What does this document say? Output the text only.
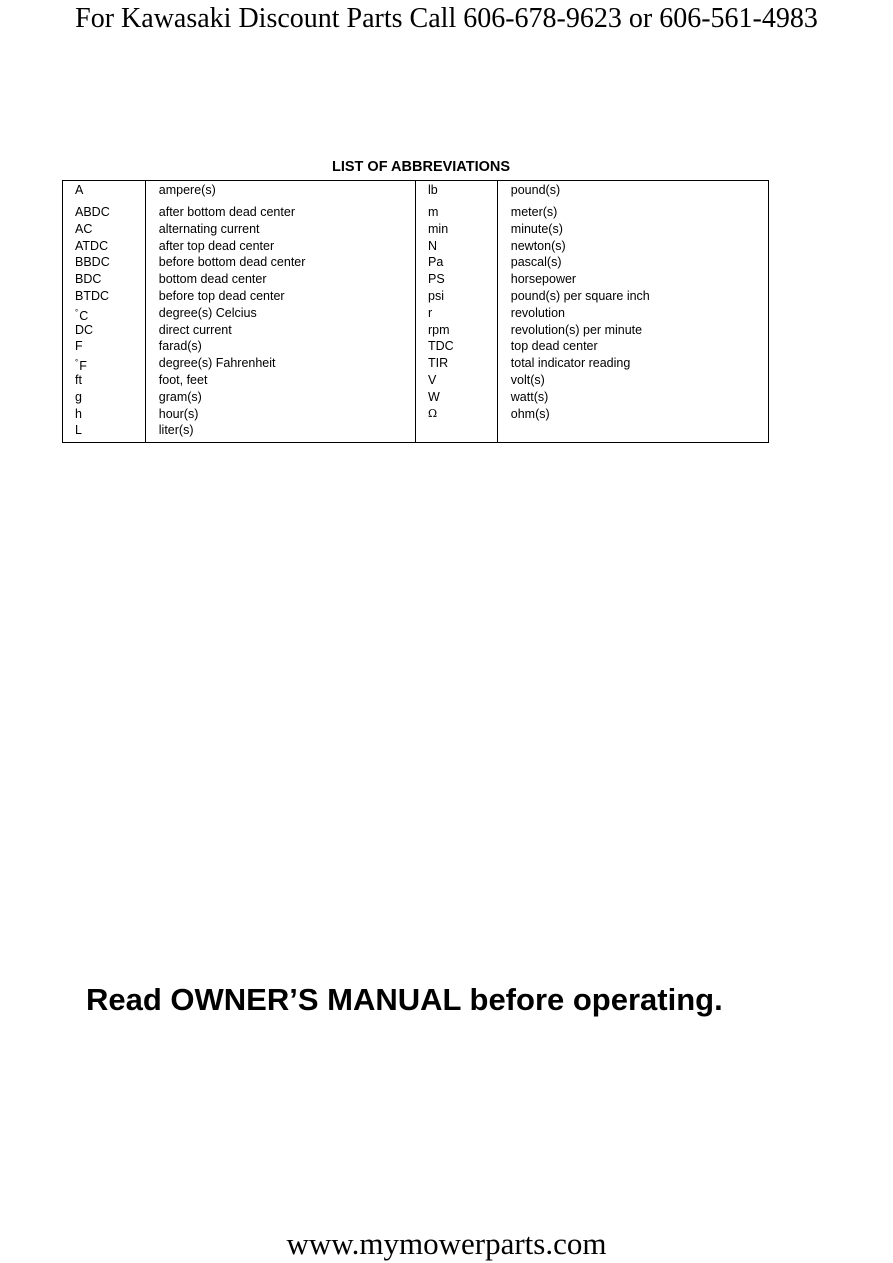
For Kawasaki Discount Parts Call 606-678-9623 or 606-561-4983
LIST OF ABBREVIATIONS
A
ABDC
AC
ATDC
BBDC
BDC
BTDC
°C
DC
F
°F
ft
g
h
L
ampere(s)
after bottom dead center
alternating current
after top dead center
before bottom dead center
bottom dead center
before top dead center
degree(s) Celcius
direct current
farad(s)
degree(s) Fahrenheit
foot, feet
gram(s)
hour(s)
liter(s)
lb
m
min
N
Pa
PS
psi
r
rpm
TDC
TIR
V
W
Ω
pound(s)
meter(s)
minute(s)
newton(s)
pascal(s)
horsepower
pound(s) per square inch
revolution
revolution(s) per minute
top dead center
total indicator reading
volt(s)
watt(s)
ohm(s)
Read OWNER’S MANUAL before operating.
www.mymowerparts.com
